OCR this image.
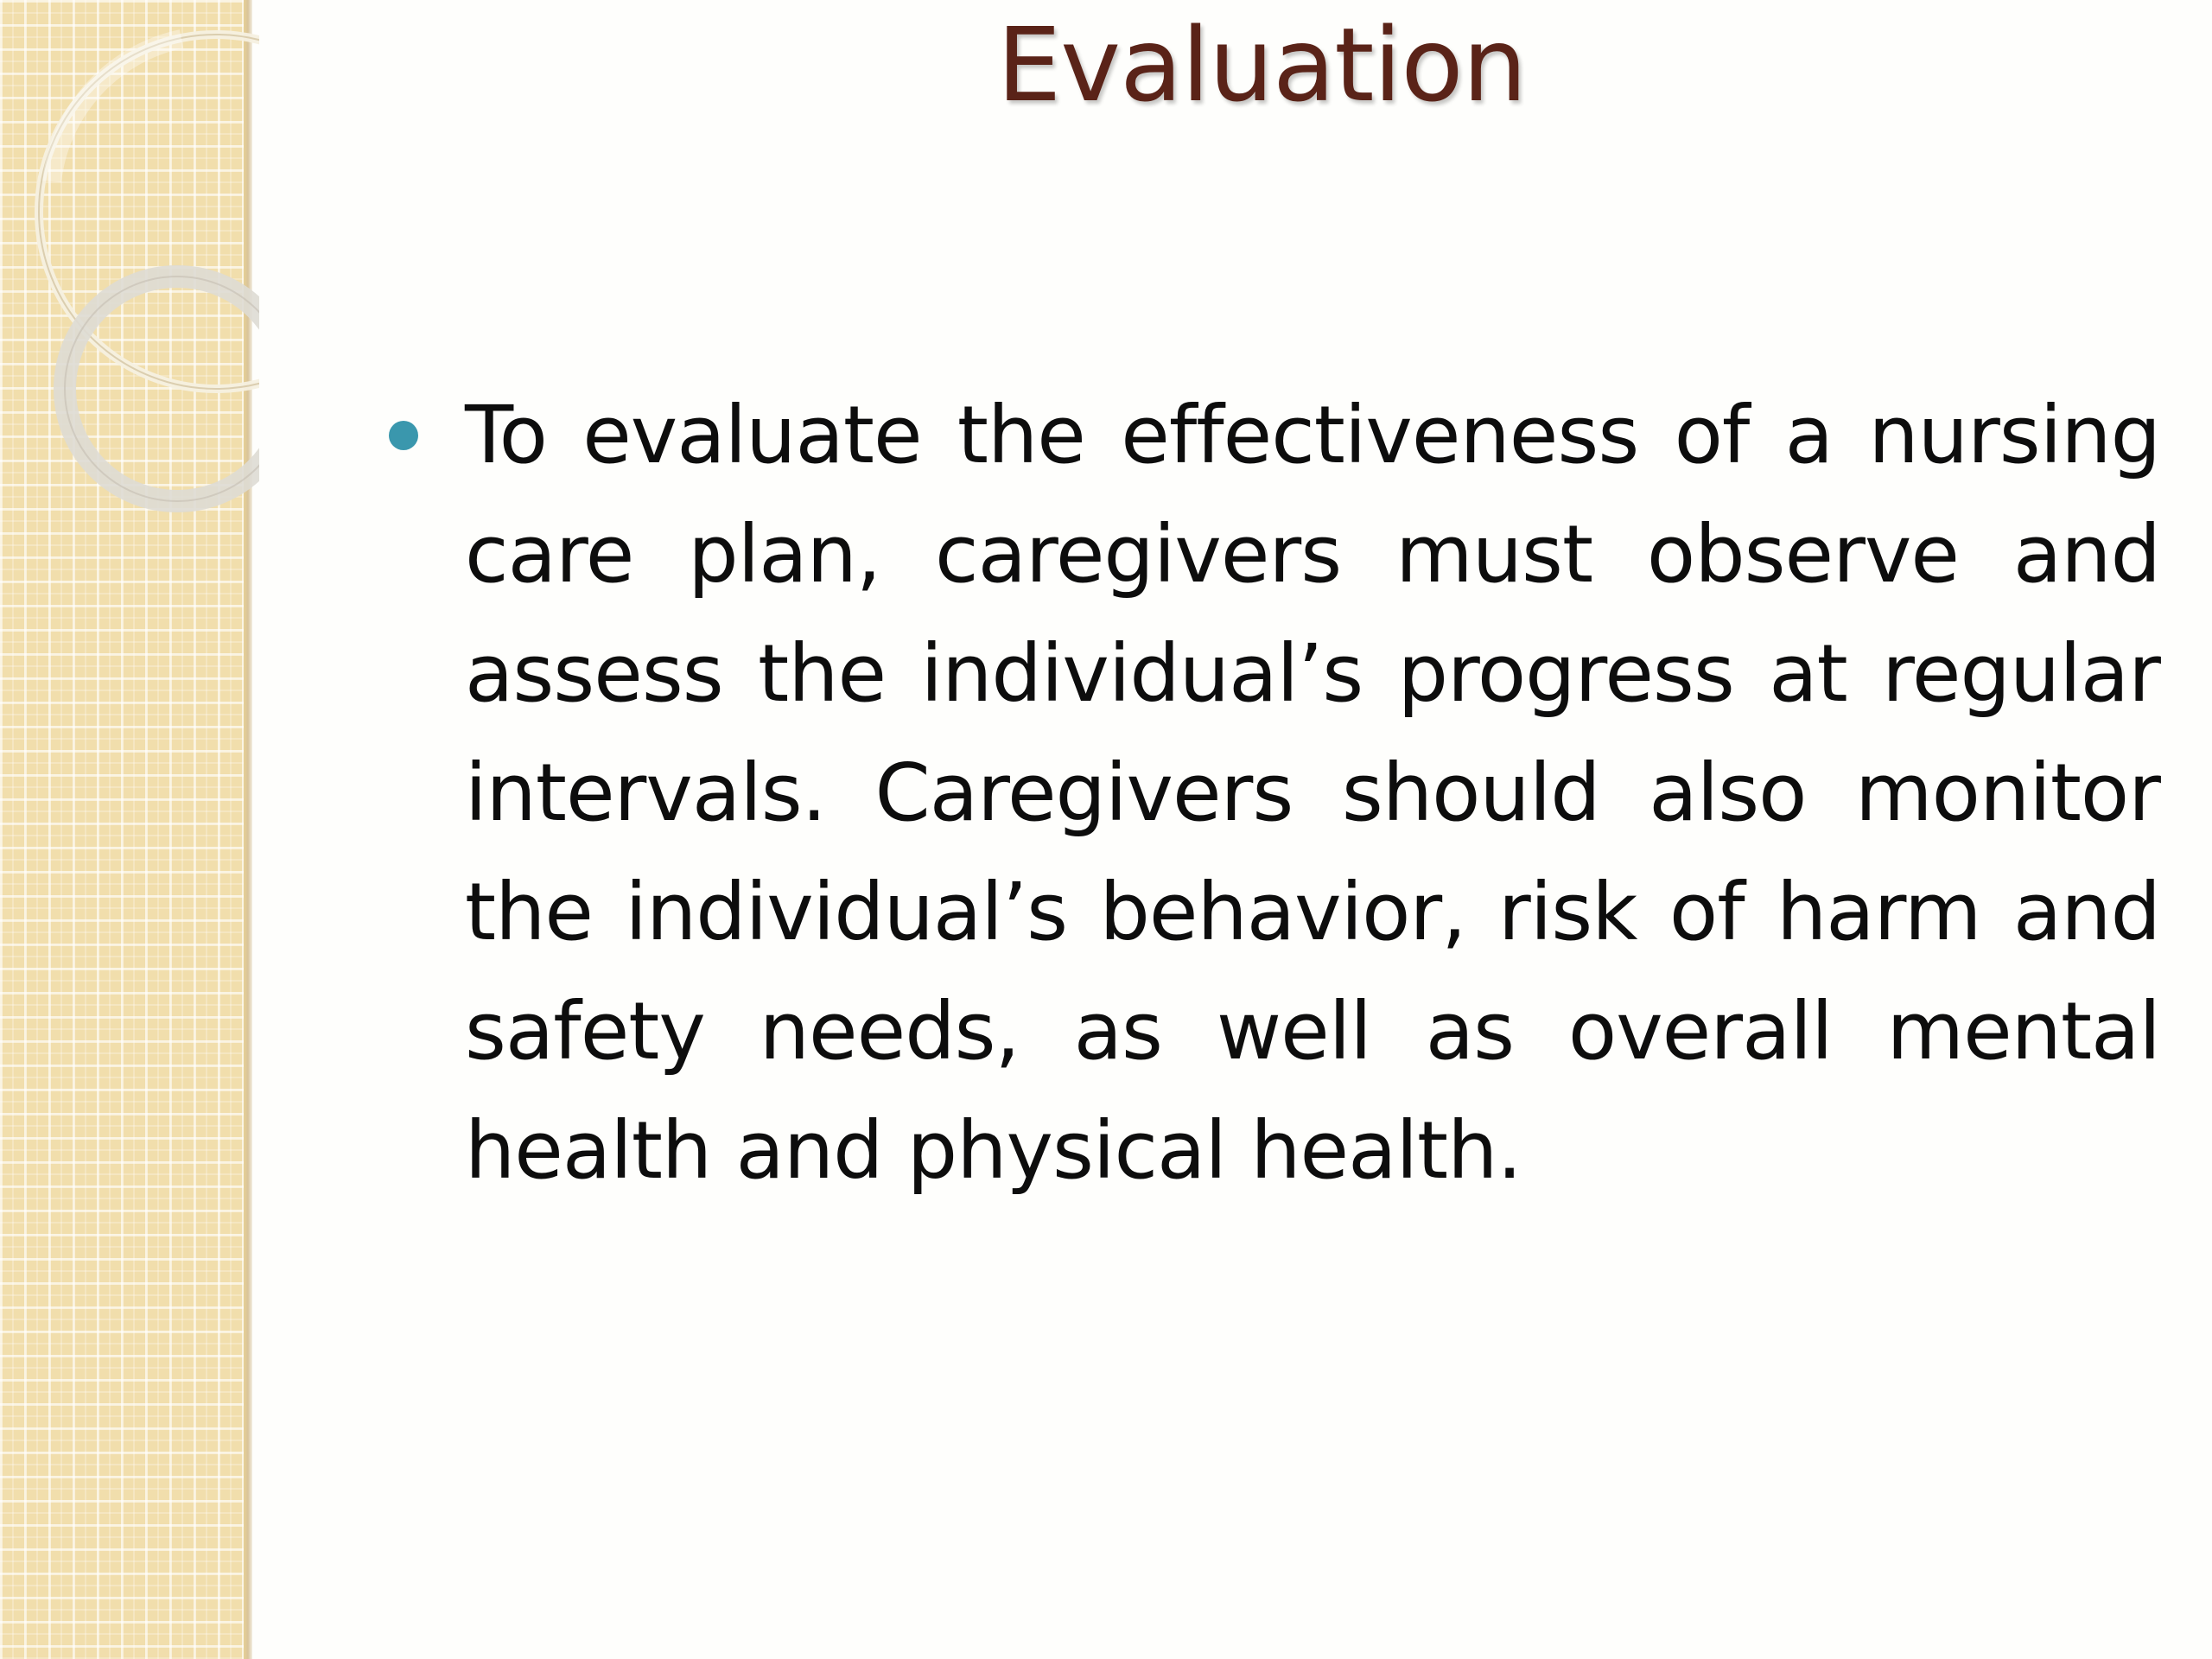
Evaluation
To evaluate the effectiveness of a nursing care plan, caregivers must observe and assess the individual’s progress at regular intervals. Caregivers should also monitor the individual’s behavior, risk of harm and safety needs, as well as overall mental health and physical health.
